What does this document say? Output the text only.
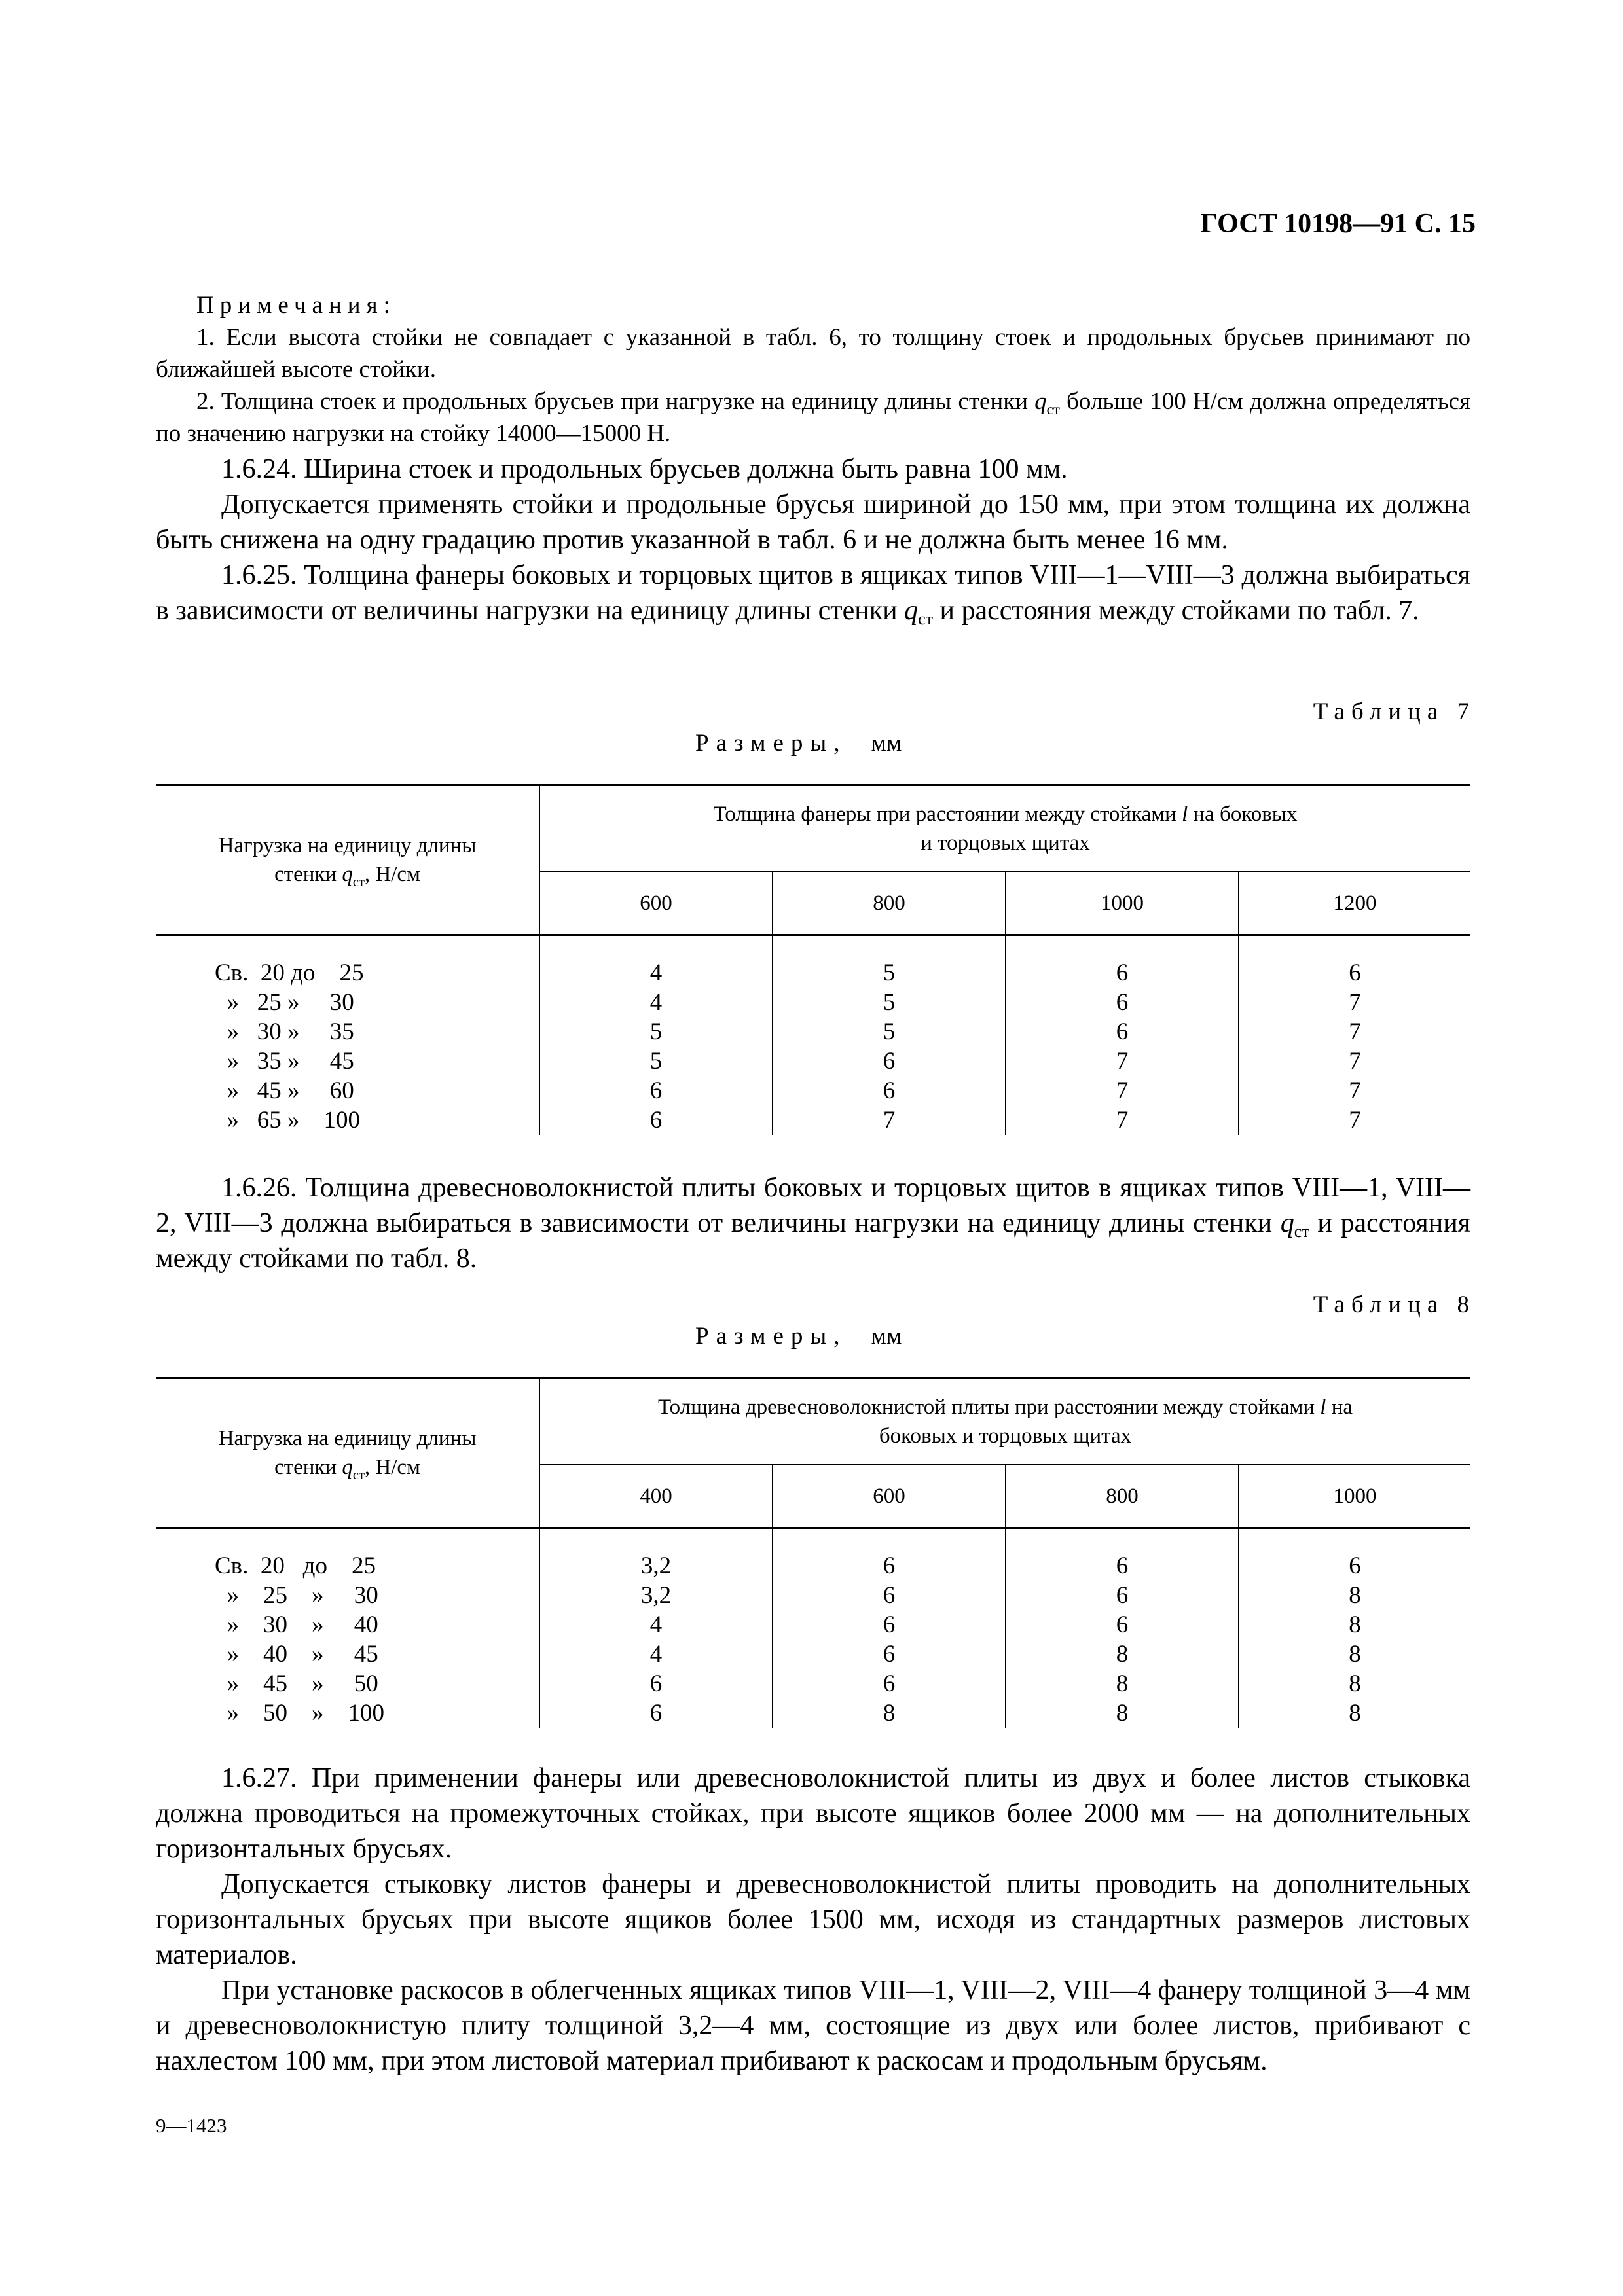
ГОСТ 10198—91 С. 15

Примечания:

1. Если высота стойки не совпадает с указанной в табл. 6, то толщину стоек и продольных брусьев принимают по ближайшей высоте стойки.

2. Толщина стоек и продольных брусьев при нагрузке на единицу длины стенки $q_{ст}$ больше 100 Н/см должна определяться по значению нагрузки на стойку 14000—15000 Н.

1.6.24. Ширина стоек и продольных брусьев должна быть равна 100 мм.

Допускается применять стойки и продольные брусья шириной до 150 мм, при этом толщина их должна быть снижена на одну градацию против указанной в табл. 6 и не должна быть менее 16 мм.

1.6.25. Толщина фанеры боковых и торцовых щитов в ящиках типов VIII—1—VIII—3 должна выбираться в зависимости от величины нагрузки на единицу длины стенки $q_{ст}$ и расстояния между стойками по табл. 7.

Таблица 7
Размеры, мм
Нагрузка на единицу длины
стенки $q_{ст}$, Н/см	Толщина фанеры при расстоянии между стойками l на боковых
и торцовых щитах			
	600	800	1000	1200
Св.  20 до    25	4	5	6	6
»   25 »     30	4	5	6	7
»   30 »     35	5	5	6	7
»   35 »     45	5	6	7	7
»   45 »     60	6	6	7	7
»   65 »    100	6	7	7	7

1.6.26. Толщина древесноволокнистой плиты боковых и торцовых щитов в ящиках типов VIII—1, VIII—2, VIII—3 должна выбираться в зависимости от величины нагрузки на единицу длины стенки $q_{ст}$ и расстояния между стойками по табл. 8.

Таблица 8
Размеры, мм
Нагрузка на единицу длины
стенки $q_{ст}$, Н/см	Толщина древесноволокнистой плиты при расстоянии между стойками l на
боковых и торцовых щитах			
	400	600	800	1000
Св.  20   до    25	3,2	6	6	6
»    25    »     30	3,2	6	6	8
»    30    »     40	4	6	6	8
»    40    »     45	4	6	8	8
»    45    »     50	6	6	8	8
»    50    »    100	6	8	8	8

1.6.27. При применении фанеры или древесноволокнистой плиты из двух и более листов стыковка должна проводиться на промежуточных стойках, при высоте ящиков более 2000 мм — на дополнительных горизонтальных брусьях.

Допускается стыковку листов фанеры и древесноволокнистой плиты проводить на дополнительных горизонтальных брусьях при высоте ящиков более 1500 мм, исходя из стандартных размеров листовых материалов.

При установке раскосов в облегченных ящиках типов VIII—1, VIII—2, VIII—4 фанеру толщиной 3—4 мм и древесноволокнистую плиту толщиной 3,2—4 мм, состоящие из двух или более листов, прибивают с нахлестом 100 мм, при этом листовой материал прибивают к раскосам и продольным брусьям.

9—1423
